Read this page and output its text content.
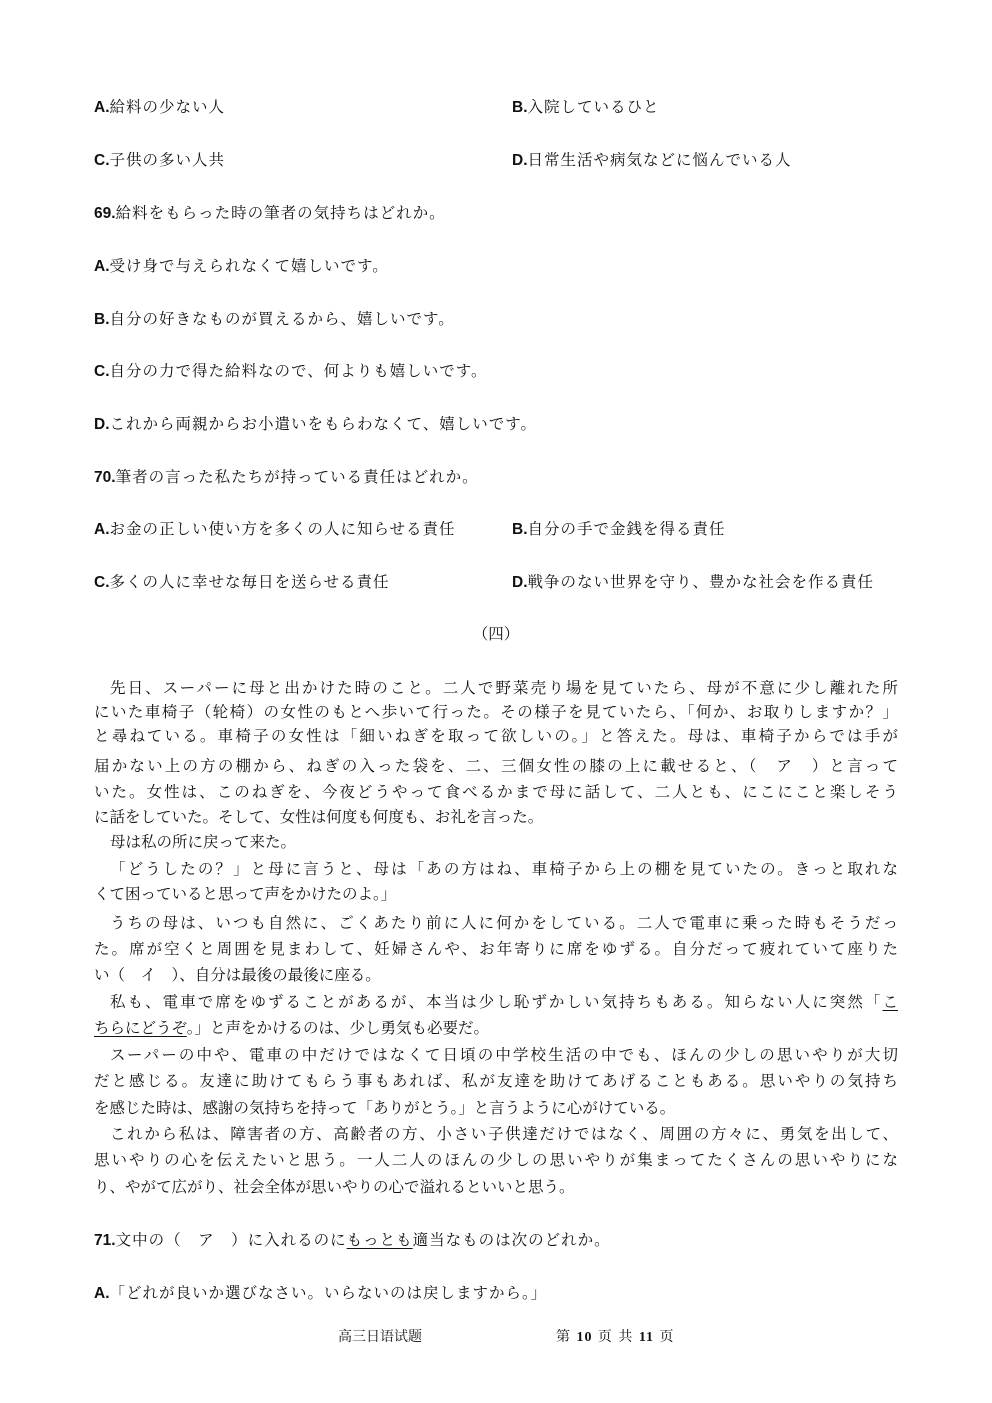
A.給料の少ない人	B.入院しているひと
C.子供の多い人共	D.日常生活や病気などに悩んでいる人
69.給料をもらった時の筆者の気持ちはどれか。
A.受け身で与えられなくて嬉しいです。
B.自分の好きなものが買えるから、嬉しいです。
C.自分の力で得た給料なので、何よりも嬉しいです。
D.これから両親からお小遣いをもらわなくて、嬉しいです。
70.筆者の言った私たちが持っている責任はどれか。
A.お金の正しい使い方を多くの人に知らせる責任	B.自分の手で金銭を得る責任
C.多くの人に幸せな毎日を送らせる責任	D.戦争のない世界を守り、豊かな社会を作る責任
（四）
先日、スーパーに母と出かけた時のこと。二人で野菜売り場を見ていたら、母が不意に少し離れた所
にいた車椅子（轮椅）の女性のもとへ歩いて行った。その様子を見ていたら、「何か、お取りしますか？」
と尋ねている。車椅子の女性は「細いねぎを取って欲しいの。」と答えた。母は、車椅子からでは手が
届かない上の方の棚から、ねぎの入った袋を、二、三個女性の膝の上に載せると、（　ア　）と言って
いた。女性は、このねぎを、今夜どうやって食べるかまで母に話して、二人とも、にこにこと楽しそう
に話をしていた。そして、女性は何度も何度も、お礼を言った。
母は私の所に戻って来た。
「どうしたの？」と母に言うと、母は「あの方はね、車椅子から上の棚を見ていたの。きっと取れな
くて困っていると思って声をかけたのよ。」
うちの母は、いつも自然に、ごくあたり前に人に何かをしている。二人で電車に乗った時もそうだっ
た。席が空くと周囲を見まわして、妊婦さんや、お年寄りに席をゆずる。自分だって疲れていて座りた
い（　イ　）、自分は最後の最後に座る。
私も、電車で席をゆずることがあるが、本当は少し恥ずかしい気持ちもある。知らない人に突然「こ
ちらにどうぞ。」と声をかけるのは、少し勇気も必要だ。
スーパーの中や、電車の中だけではなくて日頃の中学校生活の中でも、ほんの少しの思いやりが大切
だと感じる。友達に助けてもらう事もあれば、私が友達を助けてあげることもある。思いやりの気持ち
を感じた時は、感謝の気持ちを持って「ありがとう。」と言うように心がけている。
これから私は、障害者の方、高齢者の方、小さい子供達だけではなく、周囲の方々に、勇気を出して、
思いやりの心を伝えたいと思う。一人二人のほんの少しの思いやりが集まってたくさんの思いやりにな
り、やがて広がり、社会全体が思いやりの心で溢れるといいと思う。
71.文中の（　ア　）に入れるのにもっとも適当なものは次のどれか。
A.「どれが良いか選びなさい。いらないのは戻しますから。」
高三日语试题	第 10 页 共 11 页
